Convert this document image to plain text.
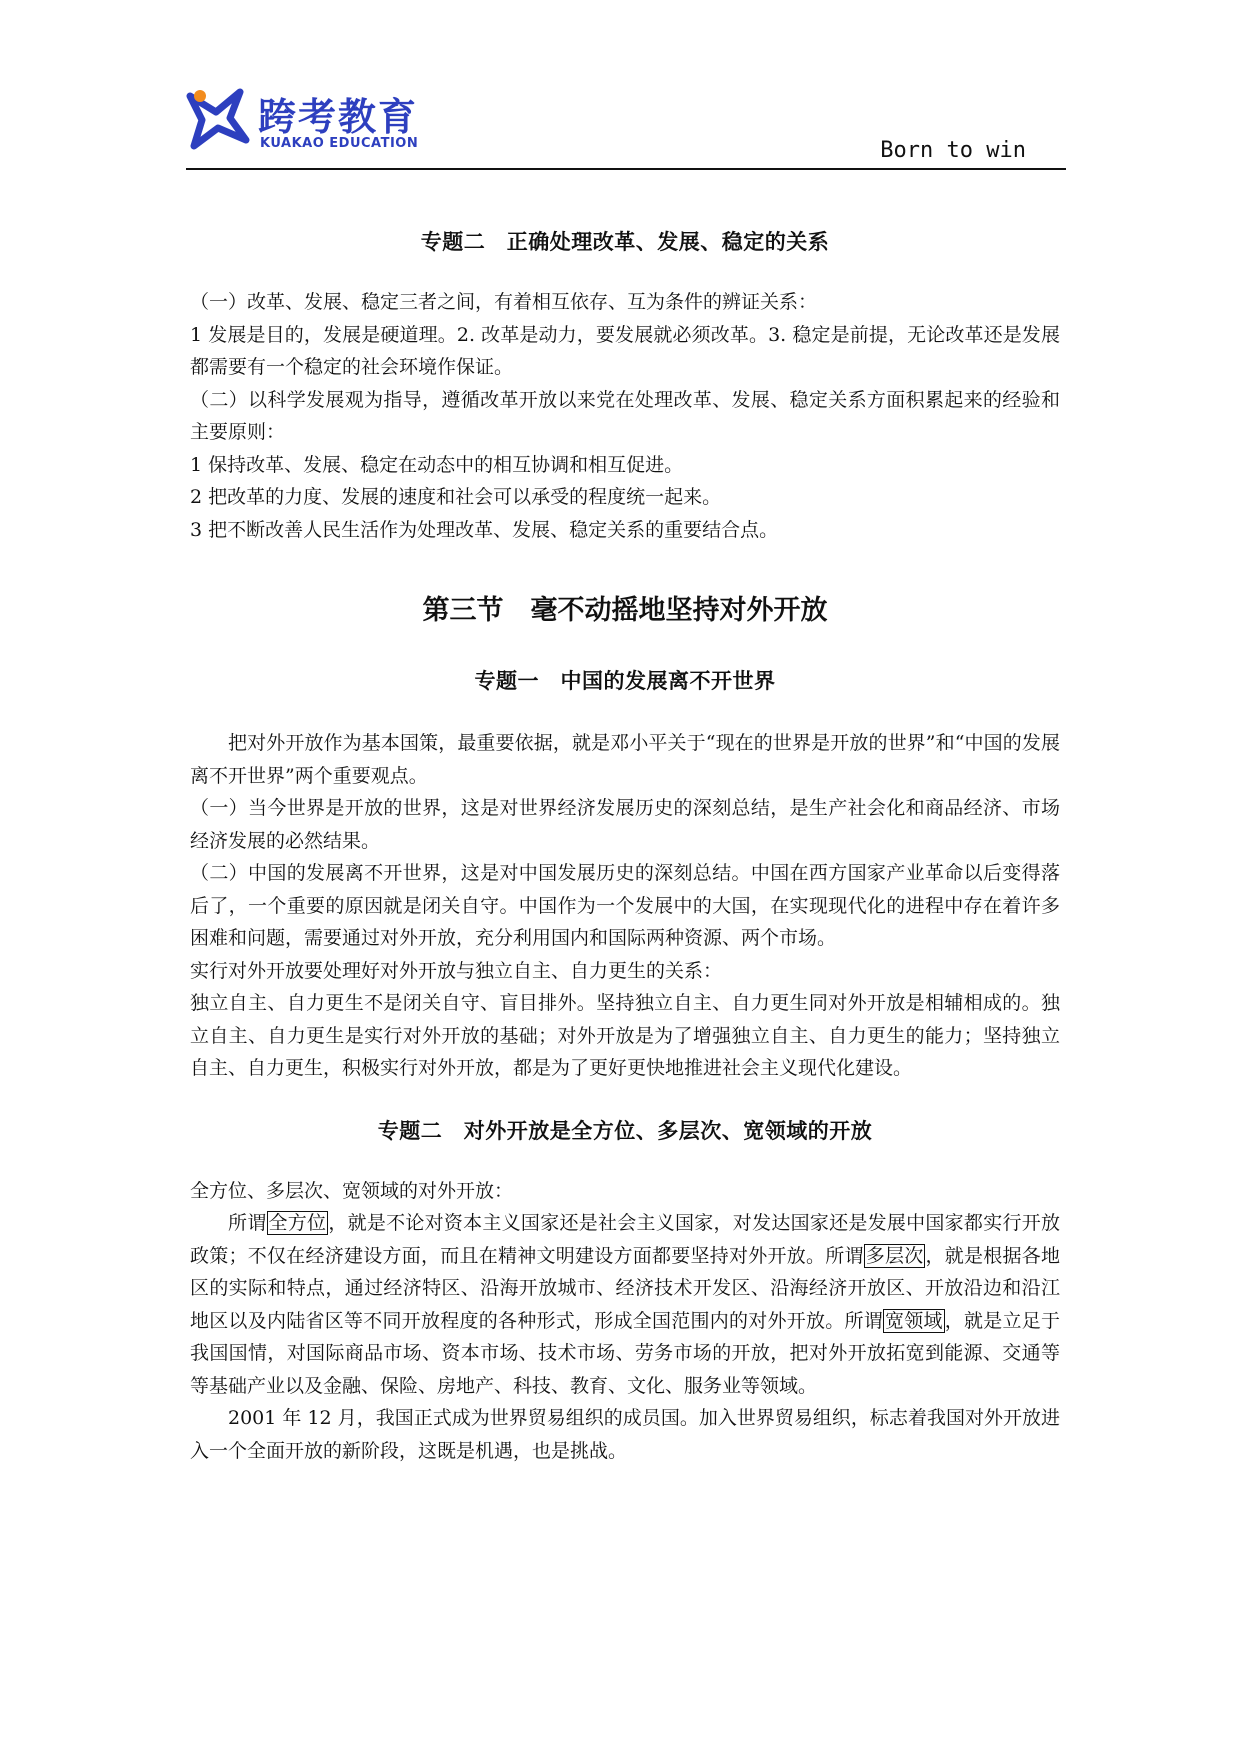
跨考教育
KUAKAO EDUCATION	Born to win
专题二　正确处理改革、发展、稳定的关系

（一）改革、发展、稳定三者之间，有着相互依存、互为条件的辨证关系：

1 发展是目的，发展是硬道理。2. 改革是动力，要发展就必须改革。3. 稳定是前提，无论改革还是发展都需要有一个稳定的社会环境作保证。

（二）以科学发展观为指导，遵循改革开放以来党在处理改革、发展、稳定关系方面积累起来的经验和主要原则：

1 保持改革、发展、稳定在动态中的相互协调和相互促进。

2 把改革的力度、发展的速度和社会可以承受的程度统一起来。

3 把不断改善人民生活作为处理改革、发展、稳定关系的重要结合点。

第三节　毫不动摇地坚持对外开放
专题一　中国的发展离不开世界

把对外开放作为基本国策，最重要依据，就是邓小平关于“现在的世界是开放的世界”和“中国的发展离不开世界”两个重要观点。

（一）当今世界是开放的世界，这是对世界经济发展历史的深刻总结，是生产社会化和商品经济、市场经济发展的必然结果。

（二）中国的发展离不开世界，这是对中国发展历史的深刻总结。中国在西方国家产业革命以后变得落后了，一个重要的原因就是闭关自守。中国作为一个发展中的大国，在实现现代化的进程中存在着许多困难和问题，需要通过对外开放，充分利用国内和国际两种资源、两个市场。

实行对外开放要处理好对外开放与独立自主、自力更生的关系：

独立自主、自力更生不是闭关自守、盲目排外。坚持独立自主、自力更生同对外开放是相辅相成的。独立自主、自力更生是实行对外开放的基础；对外开放是为了增强独立自主、自力更生的能力；坚持独立自主、自力更生，积极实行对外开放，都是为了更好更快地推进社会主义现代化建设。

专题二　对外开放是全方位、多层次、宽领域的开放

全方位、多层次、宽领域的对外开放：

所谓 全方位 ，就是不论对资本主义国家还是社会主义国家，对发达国家还是发展中国家都实行开放政策；不仅在经济建设方面，而且在精神文明建设方面都要坚持对外开放。所谓 多层次 ，就是根据各地区的实际和特点，通过经济特区、沿海开放城市、经济技术开发区、沿海经济开放区、开放沿边和沿江地区以及内陆省区等不同开放程度的各种形式，形成全国范围内的对外开放。所谓 宽领域 ，就是立足于我国国情，对国际商品市场、资本市场、技术市场、劳务市场的开放，把对外开放拓宽到能源、交通等等基础产业以及金融、保险、房地产、科技、教育、文化、服务业等领域。

2001 年 12 月，我国正式成为世界贸易组织的成员国。加入世界贸易组织，标志着我国对外开放进入一个全面开放的新阶段，这既是机遇，也是挑战。
